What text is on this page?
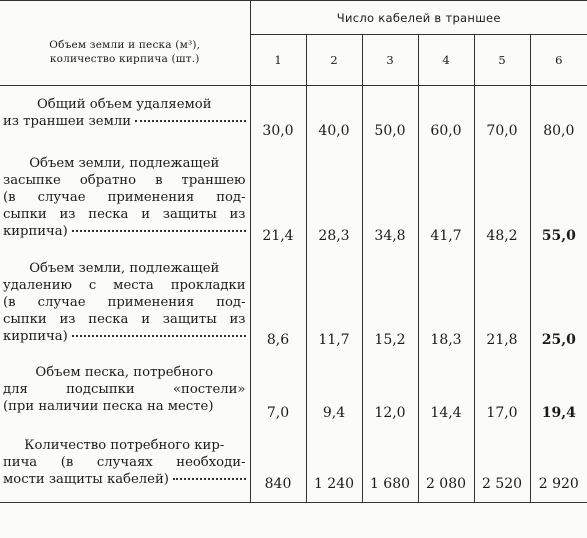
Объем земли и песка (м³),
количество кирпича (шт.)	Число кабелей в траншее					
	1	2	3	4	5	6

Общий объем удаляемой
из траншеи земли	30,0	40,0	50,0	60,0	70,0	80,0

Объем земли, подлежащей
засыпке обратно в траншею
(в случае применения под-
сыпки из песка и защиты из
кирпича)	21,4	28,3	34,8	41,7	48,2	55,0

Объем земли, подлежащей
удалению с места прокладки
(в случае применения под-
сыпки из песка и защиты из
кирпича)	8,6	11,7	15,2	18,3	21,8	25,0

Объем песка, потребного
для подсыпки «постели»
(при наличии песка на месте)	7,0	9,4	12,0	14,4	17,0	19,4

Количество потребного кир-
пича (в случаях необходи-
мости защиты кабелей)	840	1 240	1 680	2 080	2 520	2 920
